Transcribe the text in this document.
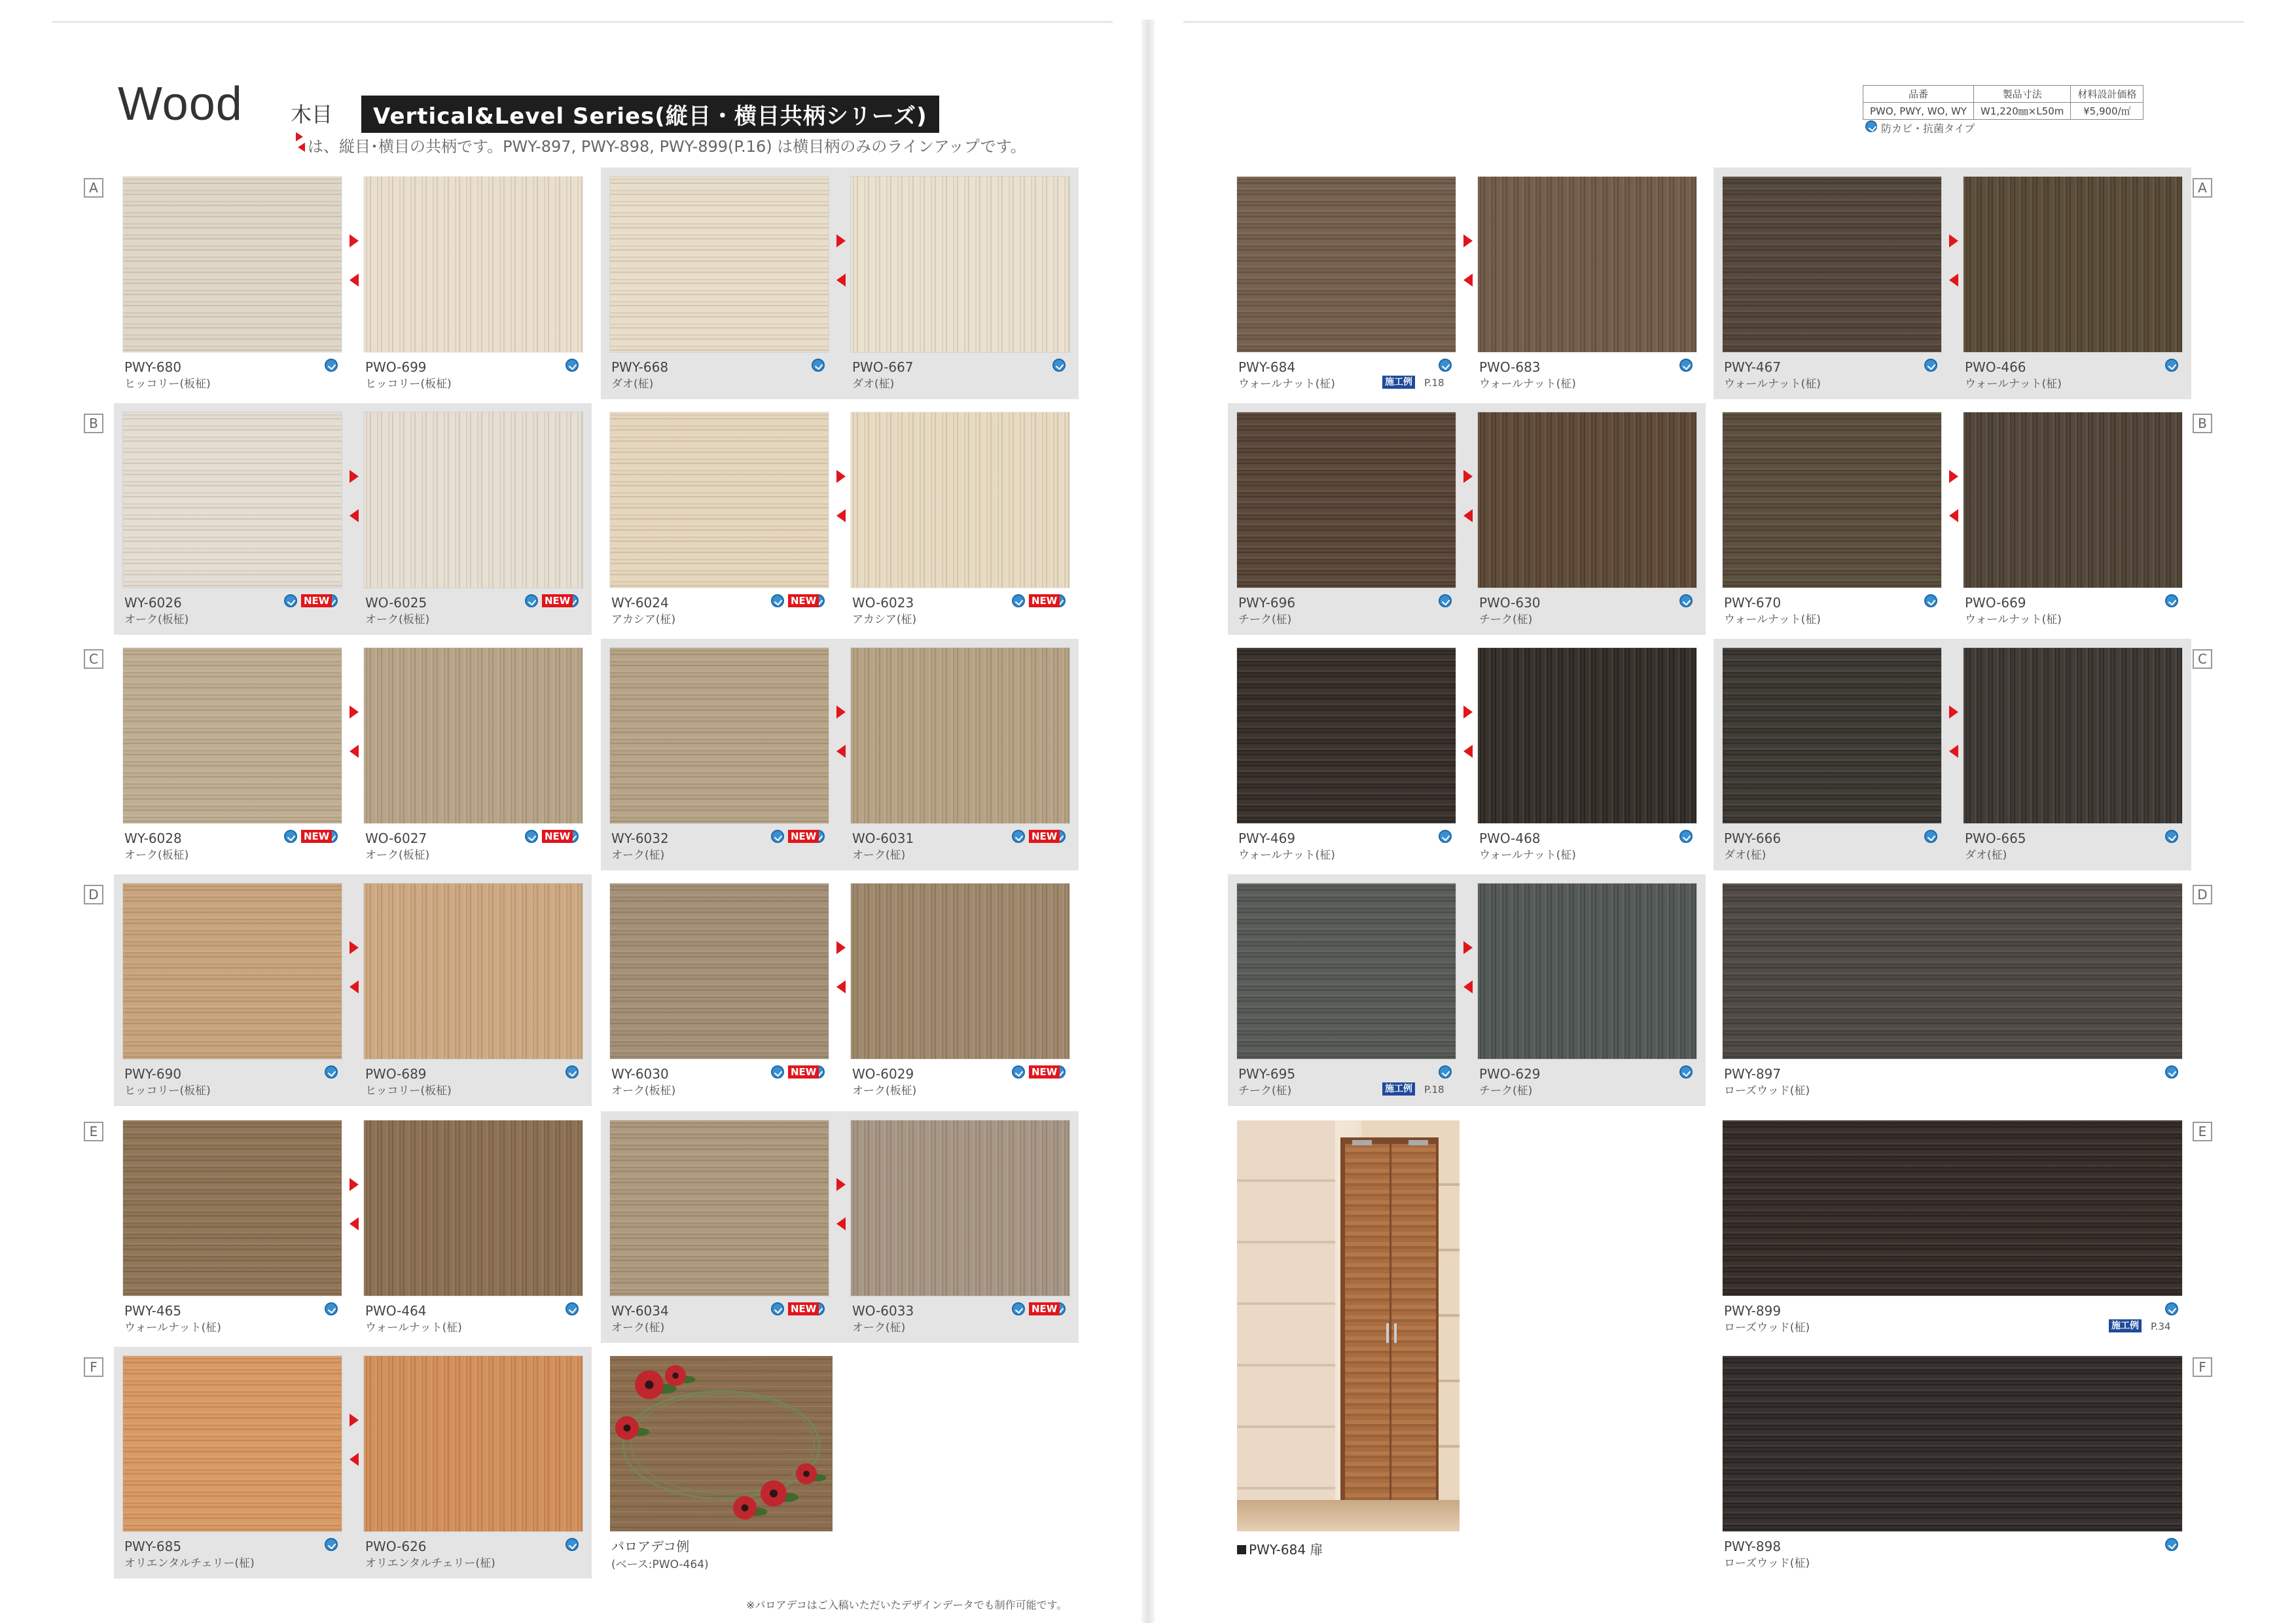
Wood 木目	Vertical&Level Series(縦目・横目共柄シリーズ)
は、縦目･横目の共柄です。PWY-897, PWY-898, PWY-899(P.16) は横目柄のみのラインアップです。
A
PWY-680
ヒッコリー(板柾)
PWO-699
ヒッコリー(板柾)
PWY-668
ダオ(柾)
PWO-667
ダオ(柾)
B
WY-6026
オーク(板柾)
NEW	WO-6025
オーク(板柾)
NEW	WY-6024
アカシア(柾)
NEW	WO-6023
アカシア(柾)
NEW
C
WY-6028
オーク(板柾)
NEW	WO-6027
オーク(板柾)
NEW	WY-6032
オーク(柾)
NEW	WO-6031
オーク(柾)
NEW
D
PWY-690
ヒッコリー(板柾)
PWO-689
ヒッコリー(板柾)
WY-6030
オーク(板柾)
NEW	WO-6029
オーク(板柾)
NEW
E
PWY-465
ウォールナット(柾)
PWO-464
ウォールナット(柾)
WY-6034
オーク(柾)
NEW	WO-6033
オーク(柾)
NEW
F
PWY-685
オリエンタルチェリー(柾)
PWO-626
オリエンタルチェリー(柾)
パロアデコ例
(ベース:PWO-464)
※パロアデコはご入稿いただいたデザインデータでも制作可能です。
品番	製品寸法	材料設計価格
PWO, PWY, WO, WY	W1,220㎜×L50m	¥5,900/㎡
防カビ・抗菌タイプ
A
PWY-684
ウォールナット(柾)	施工例 P.18
PWO-683
ウォールナット(柾)
PWY-467
ウォールナット(柾)
PWO-466
ウォールナット(柾)
B
PWY-696
チーク(柾)
PWO-630
チーク(柾)
PWY-670
ウォールナット(柾)
PWO-669
ウォールナット(柾)
C
PWY-469
ウォールナット(柾)
PWO-468
ウォールナット(柾)
PWY-666
ダオ(柾)
PWO-665
ダオ(柾)
D
PWY-695
チーク(柾)	施工例 P.18
PWO-629
チーク(柾)
PWY-897
ローズウッド(柾)
E
PWY-899
ローズウッド(柾)	施工例 P.34
F
PWY-898
ローズウッド(柾)
PWY-684 扉
